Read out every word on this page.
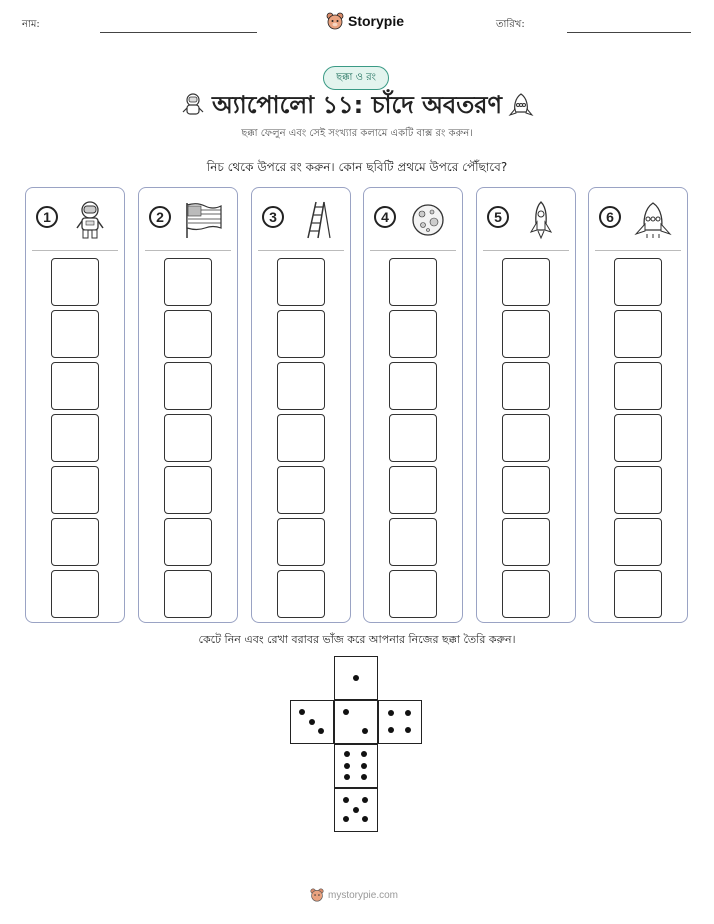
নাম:	Storypie	তারিখ:
ছক্কা ও রং
অ্যাপোলো ১১: চাঁদে অবতরণ
ছক্কা ফেলুন এবং সেই সংখ্যার কলামে একটি বাক্স রং করুন।
নিচ থেকে উপরে রং করুন। কোন ছবিটি প্রথমে উপরে পৌঁছাবে?
1	2	3	4	5	6
কেটে নিন এবং রেখা বরাবর ভাঁজ করে আপনার নিজের ছক্কা তৈরি করুন।
mystorypie.com
